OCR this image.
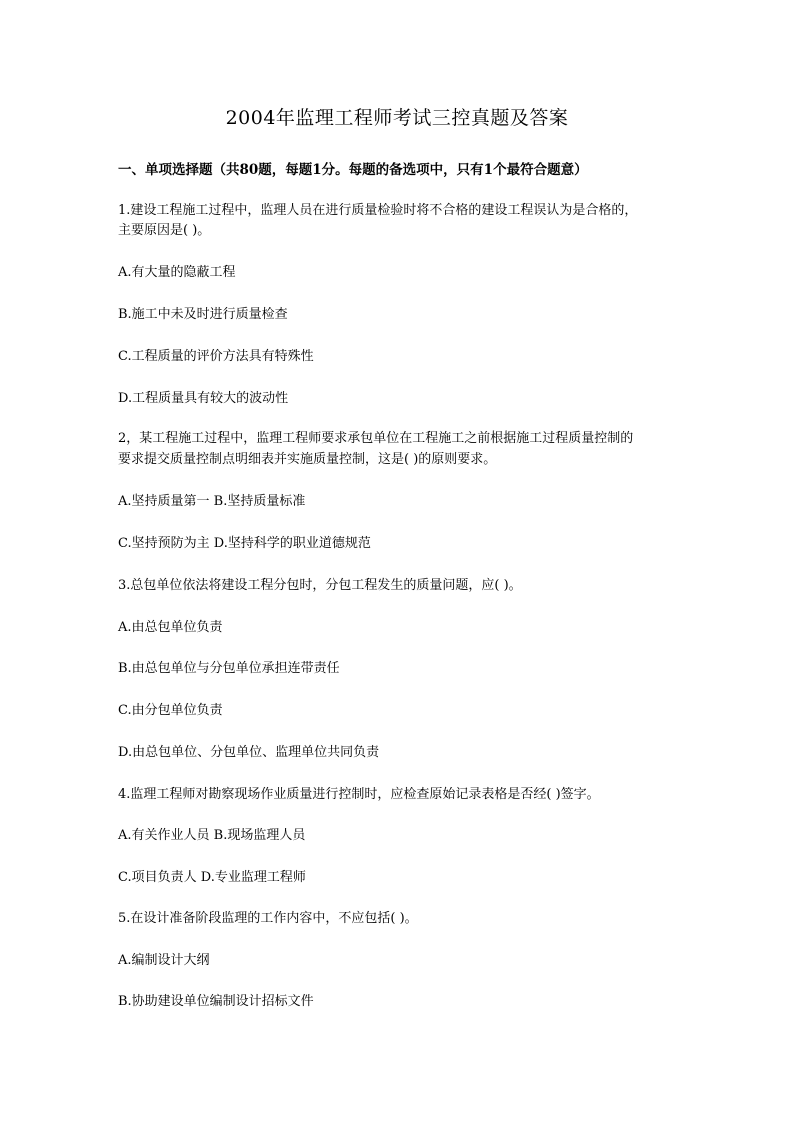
2004年监理工程师考试三控真题及答案
一、单项选择题（共80题，每题1分。每题的备选项中，只有1个最符合题意）
1.建设工程施工过程中，监理人员在进行质量检验时将不合格的建设工程误认为是合格的，
主要原因是( )。
A.有大量的隐蔽工程
B.施工中未及时进行质量检查
C.工程质量的评价方法具有特殊性
D.工程质量具有较大的波动性
2，某工程施工过程中，监理工程师要求承包单位在工程施工之前根据施工过程质量控制的
要求提交质量控制点明细表并实施质量控制，这是( )的原则要求。
A.坚持质量第一 B.坚持质量标准
C.坚持预防为主 D.坚持科学的职业道德规范
3.总包单位依法将建设工程分包时，分包工程发生的质量问题，应( )。
A.由总包单位负责
B.由总包单位与分包单位承担连带责任
C.由分包单位负责
D.由总包单位、分包单位、监理单位共同负责
4.监理工程师对勘察现场作业质量进行控制时，应检查原始记录表格是否经( )签字。
A.有关作业人员 B.现场监理人员
C.项目负责人 D.专业监理工程师
5.在设计准备阶段监理的工作内容中，不应包括( )。
A.编制设计大纲
B.协助建设单位编制设计招标文件
